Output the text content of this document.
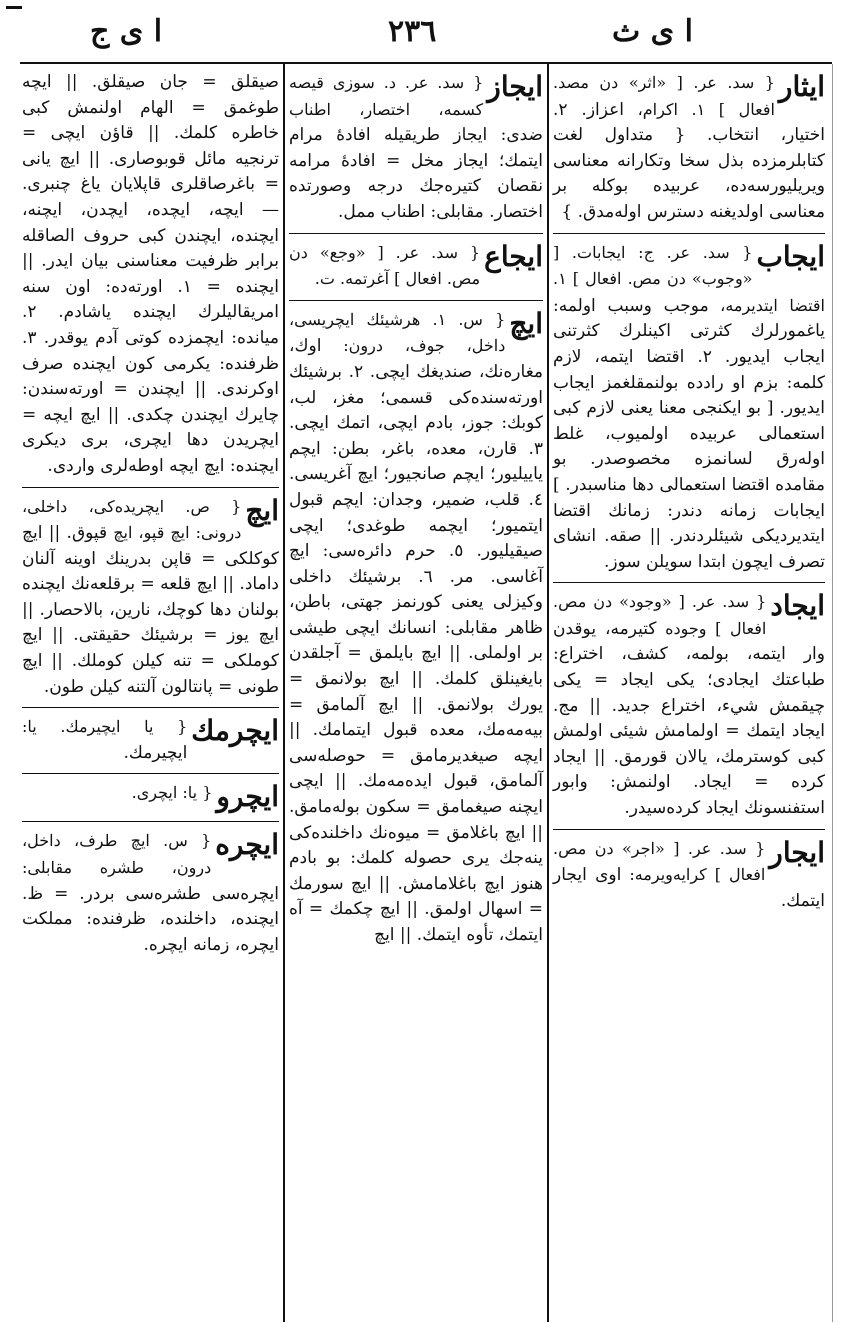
ا ى ج	٢٣٦	ا ى ث
ايثار
{ سد. عر. [ «اثر» دن مصد. افعال ] ١. اکرام، اعزاز. ٢. اختيار، انتخاب. { متداول لغت كتابلرمزده بذل سخا وتكارانه معناسى ويريليورسه‌ده، عربيده بوكله بر معناسى اولديغنه دسترس اوله‌مدق. }
ايجاب
{ سد. عر. ج: ايجابات. [ «وجوب» دن مص. افعال ] ١. اقتضا ايتديرمه، موجب وسبب اولمه: ياغمورلرك كثرتى اكينلرك كثرتنى ايجاب ايديور. ٢. اقتضا ايتمه، لازم كلمه: بزم او رادده بولنمقلغمز ايجاب ايديور. [ بو ايكنجى معنا يعنى لازم كبى استعمالى عربيده اولميوب، غلط اوله‌رق لسانمزه مخصوصدر. بو مقامده اقتضا استعمالى دها مناسبدر. ] ايجابات زمانه دندر: زمانك اقتضا ايتديرديكى شيئلردندر. || صقه. انشاى تصرف ايچون ابتدا سويلن سوز.
ايجاد
{ سد. عر. [ «وجود» دن مص. افعال ] وجوده كتيرمه، يوقدن وار ايتمه، بولمه، كشف، اختراع: طباعتك ايجادى؛ يكى ايجاد = يكى چيقمش شيء، اختراع جديد. || مج. ايجاد ايتمك = اولمامش شيئى اولمش كبى كوسترمك، يالان قورمق. || ايجاد كرده = ايجاد. اولنمش: وابور استفنسونك ايجاد كرده‌سيدر.
ايجار
{ سد. عر. [ «اجر» دن مص. افعال ] كرايه‌ويرمه: اوى ايجار ايتمك.
ايجاز
{ سد. عر. د. سوزى قيصه كسمه، اختصار، اطناب ضدى: ايجاز طريقيله افادهٔ مرام ايتمك؛ ايجاز مخل = افادهٔ مرامه نقصان كتيره‌جك درجه وصورتده اختصار. مقابلى: اطناب ممل.
ايجاع
{ سد. عر. [ «وجع» دن مص. افعال ] آغرتمه. ت.
ايچ
{ س. ١. هرشيئك ايچريسى، داخل، جوف، درون: اوك، مغاره‌نك، صنديغك ايچى. ٢. برشيئك اورته‌سنده‌كى قسمى؛ مغز، لب، كوبك: جوز، بادم ايچى، اتمك ايچى. ٣. قارن، معده، باغر، بطن: ايچم ياييليور؛ ايچم صانجيور؛ ايچ آغريسى. ٤. قلب، ضمير، وجدان: ايچم قبول ايتميور؛ ايچمه طوغدى؛ ايچى صيقيليور. ٥. حرم دائره‌سى: ايچ آغاسى. مر. ٦. برشيئك داخلى وكيزلى يعنى كورنمز جهتى، باطن، ظاهر مقابلى: انسانك ايچى طيشى بر اولملى. || ايچ بايلمق = آجلقدن بايغينلق كلمك. || ايچ بولانمق = يورك بولانمق. || ايچ آلمامق = بيه‌مه‌مك، معده قبول ايتمامك. || ايچه صيغديرمامق = حوصله‌سى آلمامق، قبول ايده‌مه‌مك. || ايچى ايچنه صيغمامق = سكون بوله‌مامق. || ايچ باغلامق = ميوه‌نك داخلنده‌كى ينه‌جك يرى حصوله كلمك: بو بادم هنوز ايچ باغلامامش. || ايچ سورمك = اسهال اولمق. || ايچ چكمك = آه ايتمك، تأوه ايتمك. || ايچ
صيقلق = جان صيقلق. || ايچه طوغمق = الهام اولنمش كبى خاطره كلمك. || قاؤن ايچى = ترنجيه مائل قوبوصارى. || ايچ يانى = باغرصاقلرى قاپلايان ياغ چنبرى. — ايچه، ايچده، ايچدن، ايچنه، ايچنده، ايچندن كبى حروف الصاقله برابر ظرفيت معناسنى بيان ايدر. || ايچنده = ١. اورته‌ده: اون سنه امريقاليلرك ايچنده ياشادم. ٢. ميانده: ايچمزده كوتى آدم يوقدر. ٣. ظرفنده: يكرمى كون ايچنده صرف اوكرندى. || ايچندن = اورته‌سندن: چايرك ايچندن چكدى. || ايچ ايچه = ايچريدن دها ايچرى، برى ديكرى ايچنده: ايچ ايچه اوطه‌لرى واردى.
ايچ
{ ص. ايچريده‌كى، داخلى، درونى: ايچ قپو، ايچ قپوق. || ايچ كوكلكى = قاپن بدرينك اوينه آلنان داماد. || ايچ قلعه = برقلعه‌نك ايچنده بولنان دها كوچك، نارين، بالاحصار. || ايچ يوز = برشيئك حقيقتى. || ايچ كوملكى = تنه كيلن كوملك. || ايچ طونى = پانتالون آلتنه كيلن طون.
ايچرمك
{ يا ايچيرمك. يا: ايچيرمك.
ايچرو
{ يا: ايچرى.
ايچره
{ س. ايچ طرف، داخل، درون، طشره مقابلى: ايچره‌سى طشره‌سى بردر. = ظ. ايچنده، داخلنده، ظرفنده: مملكت ايچره، زمانه ايچره.
